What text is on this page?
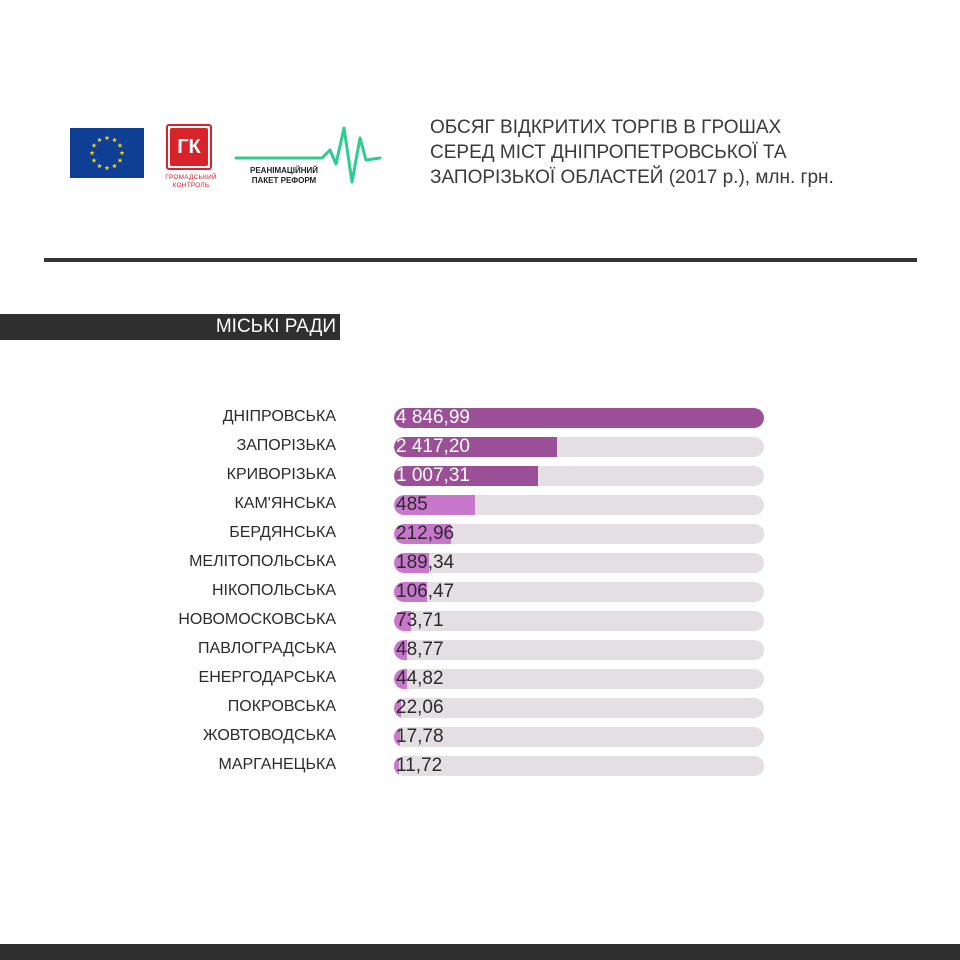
ГК
ГРОМАДСЬКИЙ
КОНТРОЛЬ
РЕАНІМАЦІЙНИЙ
ПАКЕТ РЕФОРМ
ОБСЯГ ВІДКРИТИХ ТОРГІВ В ГРОШАХ
СЕРЕД МІСТ ДНІПРОПЕТРОВСЬКОЇ ТА
ЗАПОРІЗЬКОЇ ОБЛАСТЕЙ (2017 р.), млн. грн.
МІСЬКІ РАДИ
ДНІПРОВСЬКА	4 846,99
ЗАПОРІЗЬКА	2 417,20
КРИВОРІЗЬКА	1 007,31
КАМ'ЯНСЬКА	485
БЕРДЯНСЬКА	212,96
МЕЛІТОПОЛЬСЬКА	189,34
НІКОПОЛЬСЬКА	106,47
НОВОМОСКОВСЬКА	73,71
ПАВЛОГРАДСЬКА	48,77
ЕНЕРГОДАРСЬКА	44,82
ПОКРОВСЬКА	22,06
ЖОВТОВОДСЬКА	17,78
МАРГАНЕЦЬКА	11,72
